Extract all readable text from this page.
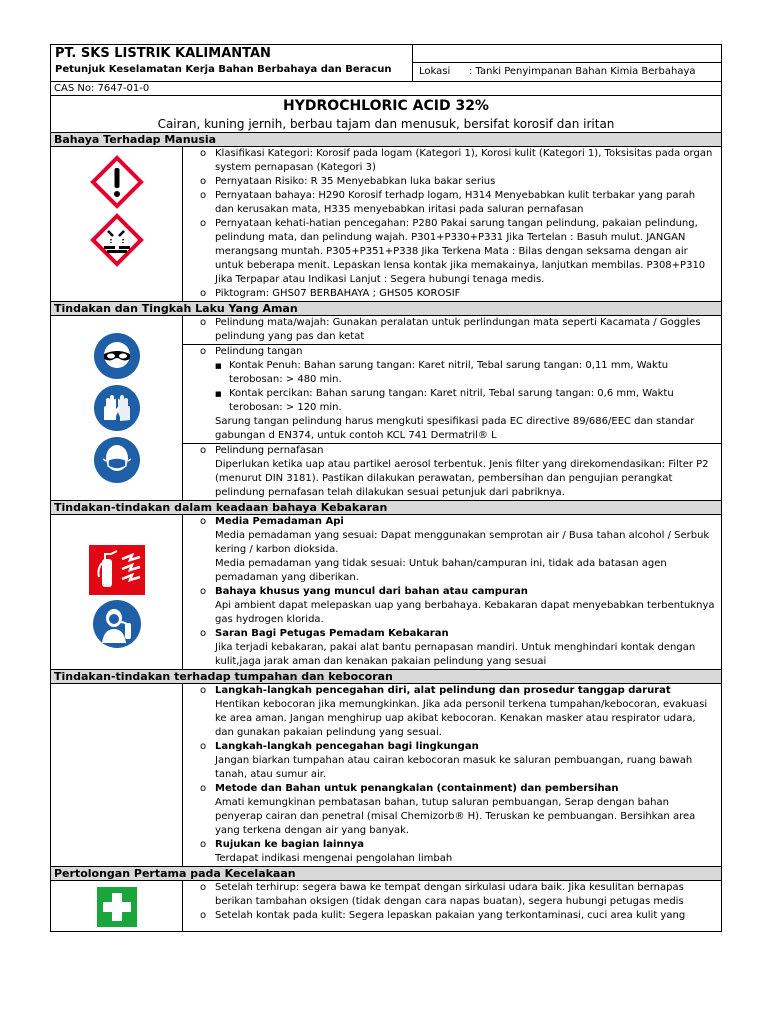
PT. SKS LISTRIK KALIMANTAN
Petunjuk Keselamatan Kerja Bahan Berbahaya dan Beracun	Lokasi : Tanki Penyimpanan Bahan Kimia Berbahaya
CAS No: 7647-01-0
HYDROCHLORIC ACID 32%
Cairan, kuning jernih, berbau tajam dan menusuk, bersifat korosif dan iritan
Bahaya Terhadap Manusia
o Klasifikasi Kategori: Korosif pada logam (Kategori 1), Korosi kulit (Kategori 1), Toksisitas pada organ system pernapasan (Kategori 3)
o Pernyataan Risiko: R 35 Menyebabkan luka bakar serius
o Pernyataan bahaya: H290 Korosif terhadp logam, H314 Menyebabkan kulit terbakar yang parah dan kerusakan mata, H335 menyebabkan iritasi pada saluran pernafasan
o Pernyataan kehati-hatian pencegahan: P280 Pakai sarung tangan pelindung, pakaian pelindung, pelindung mata, dan pelindung wajah. P301+P330+P331 Jika Tertelan : Basuh mulut. JANGAN merangsang muntah. P305+P351+P338 Jika Terkena Mata : Bilas dengan seksama dengan air untuk beberapa menit. Lepaskan lensa kontak jika memakainya, lanjutkan membilas. P308+P310 Jika Terpapar atau Indikasi Lanjut : Segera hubungi tenaga medis.
o Piktogram: GHS07 BERBAHAYA ; GHS05 KOROSIF
Tindakan dan Tingkah Laku Yang Aman
o Pelindung mata/wajah: Gunakan peralatan untuk perlindungan mata seperti Kacamata / Goggles pelindung yang pas dan ketat
o Pelindung tangan
■ Kontak Penuh: Bahan sarung tangan: Karet nitril, Tebal sarung tangan: 0,11 mm, Waktu terobosan: > 480 min.
■ Kontak percikan: Bahan sarung tangan: Karet nitril, Tebal sarung tangan: 0,6 mm, Waktu terobosan: > 120 min.
Sarung tangan pelindung harus mengkuti spesifikasi pada EC directive 89/686/EEC dan standar gabungan d EN374, untuk contoh KCL 741 Dermatril® L
o Pelindung pernafasan
Diperlukan ketika uap atau partikel aerosol terbentuk. Jenis filter yang direkomendasikan: Filter P2 (menurut DIN 3181). Pastikan dilakukan perawatan, pembersihan dan pengujian perangkat pelindung pernafasan telah dilakukan sesuai petunjuk dari pabriknya.
Tindakan-tindakan dalam keadaan bahaya Kebakaran
o Media Pemadaman Api
Media pemadaman yang sesuai: Dapat menggunakan semprotan air / Busa tahan alcohol / Serbuk kering / karbon dioksida.
Media pemadaman yang tidak sesuai: Untuk bahan/campuran ini, tidak ada batasan agen pemadaman yang diberikan.
o Bahaya khusus yang muncul dari bahan atau campuran
Api ambient dapat melepaskan uap yang berbahaya. Kebakaran dapat menyebabkan terbentuknya gas hydrogen klorida.
o Saran Bagi Petugas Pemadam Kebakaran
Jika terjadi kebakaran, pakai alat bantu pernapasan mandiri. Untuk menghindari kontak dengan kulit,jaga jarak aman dan kenakan pakaian pelindung yang sesuai
Tindakan-tindakan terhadap tumpahan dan kebocoran
o Langkah-langkah pencegahan diri, alat pelindung dan prosedur tanggap darurat
Hentikan kebocoran jika memungkinkan. Jika ada personil terkena tumpahan/kebocoran, evakuasi ke area aman. Jangan menghirup uap akibat kebocoran. Kenakan masker atau respirator udara, dan gunakan pakaian pelindung yang sesuai.
o Langkah-langkah pencegahan bagi lingkungan
Jangan biarkan tumpahan atau cairan kebocoran masuk ke saluran pembuangan, ruang bawah tanah, atau sumur air.
o Metode dan Bahan untuk penangkalan (containment) dan pembersihan
Amati kemungkinan pembatasan bahan, tutup saluran pembuangan, Serap dengan bahan penyerap cairan dan penetral (misal Chemizorb® H). Teruskan ke pembuangan. Bersihkan area yang terkena dengan air yang banyak.
o Rujukan ke bagian lainnya
Terdapat indikasi mengenai pengolahan limbah
Pertolongan Pertama pada Kecelakaan
o Setelah terhirup: segera bawa ke tempat dengan sirkulasi udara baik. Jika kesulitan bernapas berikan tambahan oksigen (tidak dengan cara napas buatan), segera hubungi petugas medis
o Setelah kontak pada kulit: Segera lepaskan pakaian yang terkontaminasi, cuci area kulit yang
